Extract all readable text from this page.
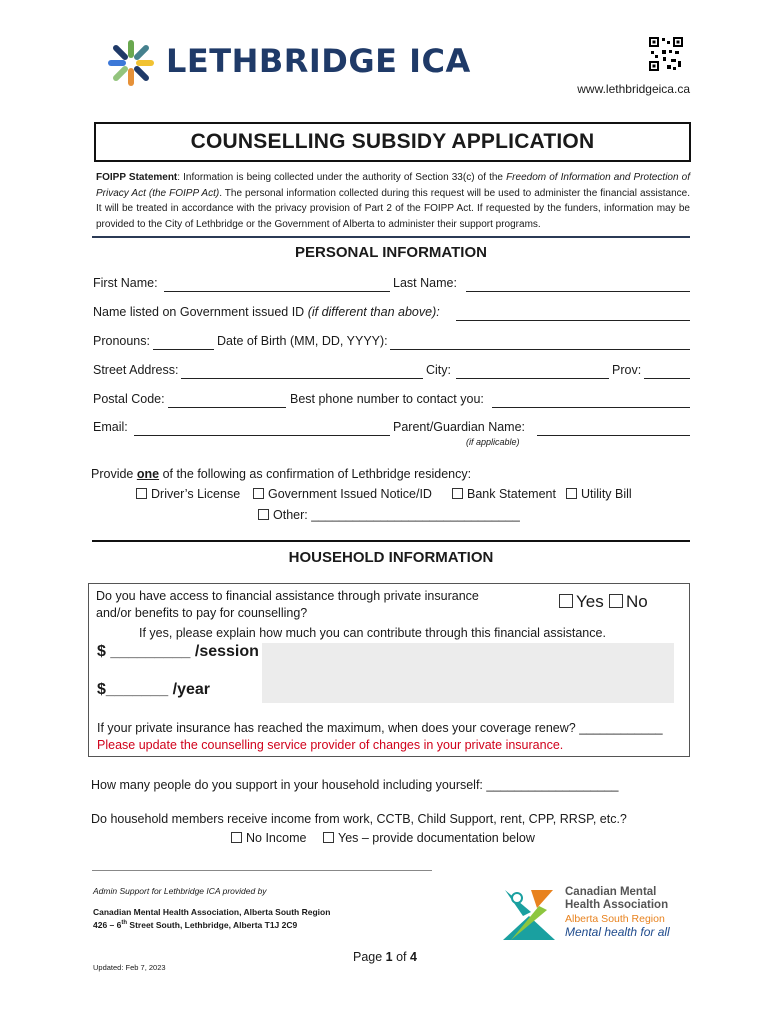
LETHBRIDGE ICA
www.lethbridgeica.ca
COUNSELLING SUBSIDY APPLICATION
FOIPP Statement: Information is being collected under the authority of Section 33(c) of the Freedom of Information and Protection of Privacy Act (the FOIPP Act). The personal information collected during this request will be used to administer the financial assistance. It will be treated in accordance with the privacy provision of Part 2 of the FOIPP Act. If requested by the funders, information may be provided to the City of Lethbridge or the Government of Alberta to administer their support programs.
PERSONAL INFORMATION
First Name:	Last Name:
Name listed on Government issued ID (if different than above):
Pronouns:	Date of Birth (MM, DD, YYYY):
Street Address:	City:	Prov:
Postal Code:	Best phone number to contact you:
Email:	Parent/Guardian Name:
(if applicable)
Provide one of the following as confirmation of Lethbridge residency:
Driver’s License	Government Issued Notice/ID	Bank Statement	Utility Bill
Other: ______________________________
HOUSEHOLD INFORMATION
Do you have access to financial assistance through private insurance
and/or benefits to pay for counselling?
Yes	No
If yes, please explain how much you can contribute through this financial assistance.
$ _________ /session
$_______ /year
If your private insurance has reached the maximum, when does your coverage renew? ____________
Please update the counselling service provider of changes in your private insurance.
How many people do you support in your household including yourself: ___________________
Do household members receive income from work, CCTB, Child Support, rent, CPP, RRSP, etc.?
No Income	Yes – provide documentation below
Admin Support for Lethbridge ICA provided by
Canadian Mental Health Association, Alberta South Region
426 – 6th Street South, Lethbridge, Alberta T1J 2C9
Page 1 of 4
Updated: Feb 7, 2023
Canadian Mental
Health Association
Alberta South Region
Mental health for all
